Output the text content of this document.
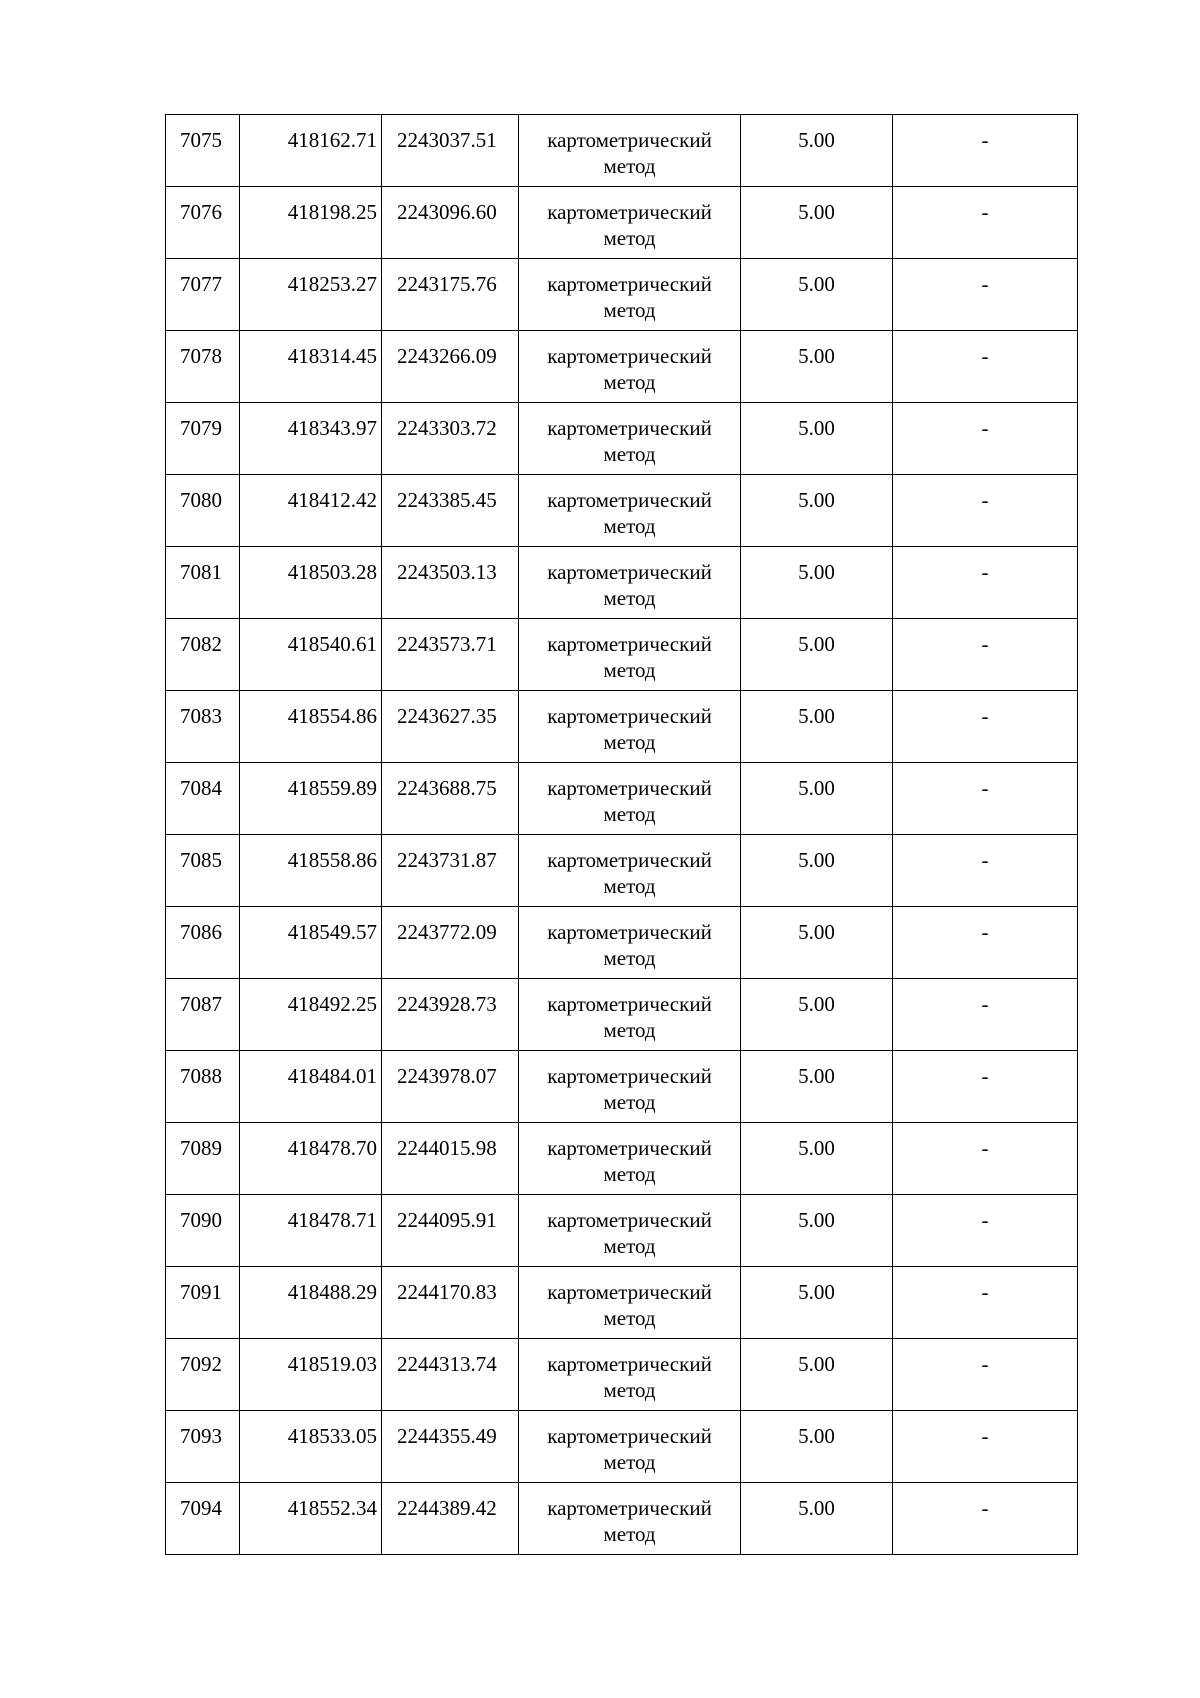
7075	418162.71	2243037.51	картометрический метод	5.00	-

7076	418198.25	2243096.60	картометрический метод	5.00	-

7077	418253.27	2243175.76	картометрический метод	5.00	-

7078	418314.45	2243266.09	картометрический метод	5.00	-

7079	418343.97	2243303.72	картометрический метод	5.00	-

7080	418412.42	2243385.45	картометрический метод	5.00	-

7081	418503.28	2243503.13	картометрический метод	5.00	-

7082	418540.61	2243573.71	картометрический метод	5.00	-

7083	418554.86	2243627.35	картометрический метод	5.00	-

7084	418559.89	2243688.75	картометрический метод	5.00	-

7085	418558.86	2243731.87	картометрический метод	5.00	-

7086	418549.57	2243772.09	картометрический метод	5.00	-

7087	418492.25	2243928.73	картометрический метод	5.00	-

7088	418484.01	2243978.07	картометрический метод	5.00	-

7089	418478.70	2244015.98	картометрический метод	5.00	-

7090	418478.71	2244095.91	картометрический метод	5.00	-

7091	418488.29	2244170.83	картометрический метод	5.00	-

7092	418519.03	2244313.74	картометрический метод	5.00	-

7093	418533.05	2244355.49	картометрический метод	5.00	-

7094	418552.34	2244389.42	картометрический метод	5.00	-
